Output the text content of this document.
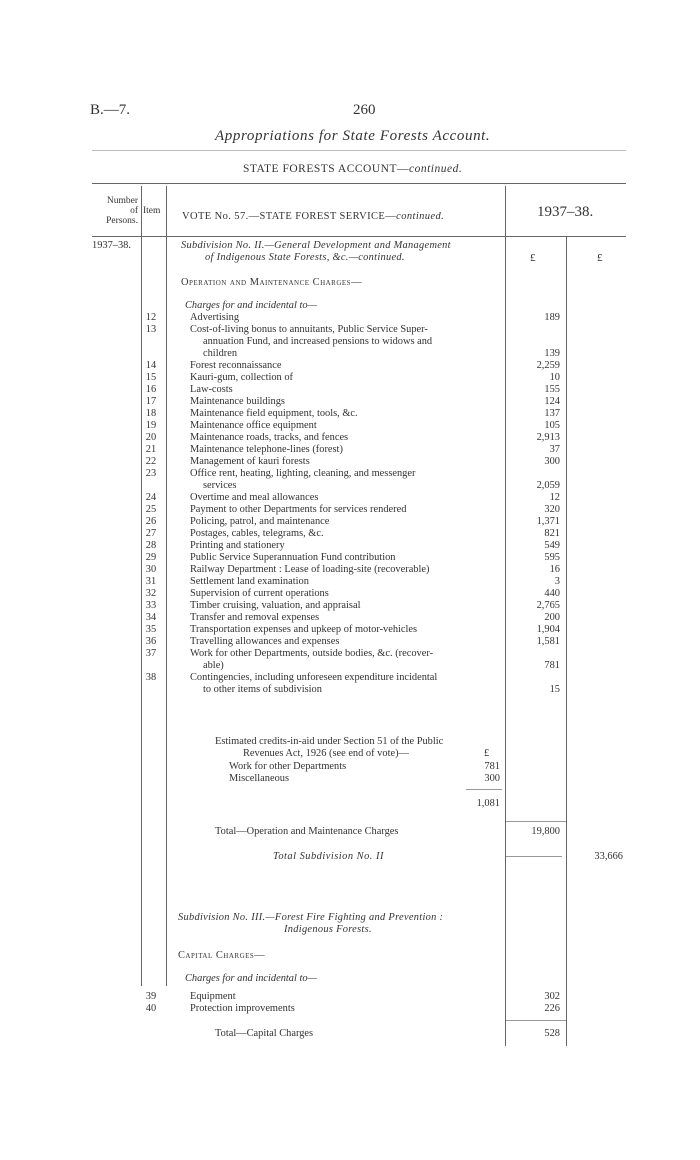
B.—7.	260
Appropriations for State Forests Account.
STATE FORESTS ACCOUNT—continued.
Number
of
Persons.
Item VOTE No. 57.—STATE FOREST SERVICE—continued.	1937–38.
1937–38.	Subdivision No. II.—General Development and Management
of Indigenous State Forests, &c.—continued.	£	£
Operation and Maintenance Charges—
Charges for and incidental to—
12	Advertising	189
13	Cost-of-living bonus to annuitants, Public Service Super-
annuation Fund, and increased pensions to widows and
children	139
14	Forest reconnaissance	2,259
15	Kauri-gum, collection of	10
16	Law-costs	155
17	Maintenance buildings	124
18	Maintenance field equipment, tools, &c.	137
19	Maintenance office equipment	105
20	Maintenance roads, tracks, and fences	2,913
21	Maintenance telephone-lines (forest)	37
22	Management of kauri forests	300
23	Office rent, heating, lighting, cleaning, and messenger
services	2,059
24	Overtime and meal allowances	12
25	Payment to other Departments for services rendered	320
26	Policing, patrol, and maintenance	1,371
27	Postages, cables, telegrams, &c.	821
28	Printing and stationery	549
29	Public Service Superannuation Fund contribution	595
30	Railway Department : Lease of loading-site (recoverable)	16
31	Settlement land examination	3
32	Supervision of current operations	440
33	Timber cruising, valuation, and appraisal	2,765
34	Transfer and removal expenses	200
35	Transportation expenses and upkeep of motor-vehicles	1,904
36	Travelling allowances and expenses	1,581
37	Work for other Departments, outside bodies, &c. (recover-
able)	781
38	Contingencies, including unforeseen expenditure incidental
to other items of subdivision	15
Estimated credits-in-aid under Section 51 of the Public
Revenues Act, 1926 (see end of vote)—	£
Work for other Departments	781
Miscellaneous	300
1,081
Total—Operation and Maintenance Charges	19,800
Total Subdivision No. II	33,666
Subdivision No. III.—Forest Fire Fighting and Prevention :
Indigenous Forests.
Capital Charges—
Charges for and incidental to—
39	Equipment	302
40	Protection improvements	226
Total—Capital Charges	528
